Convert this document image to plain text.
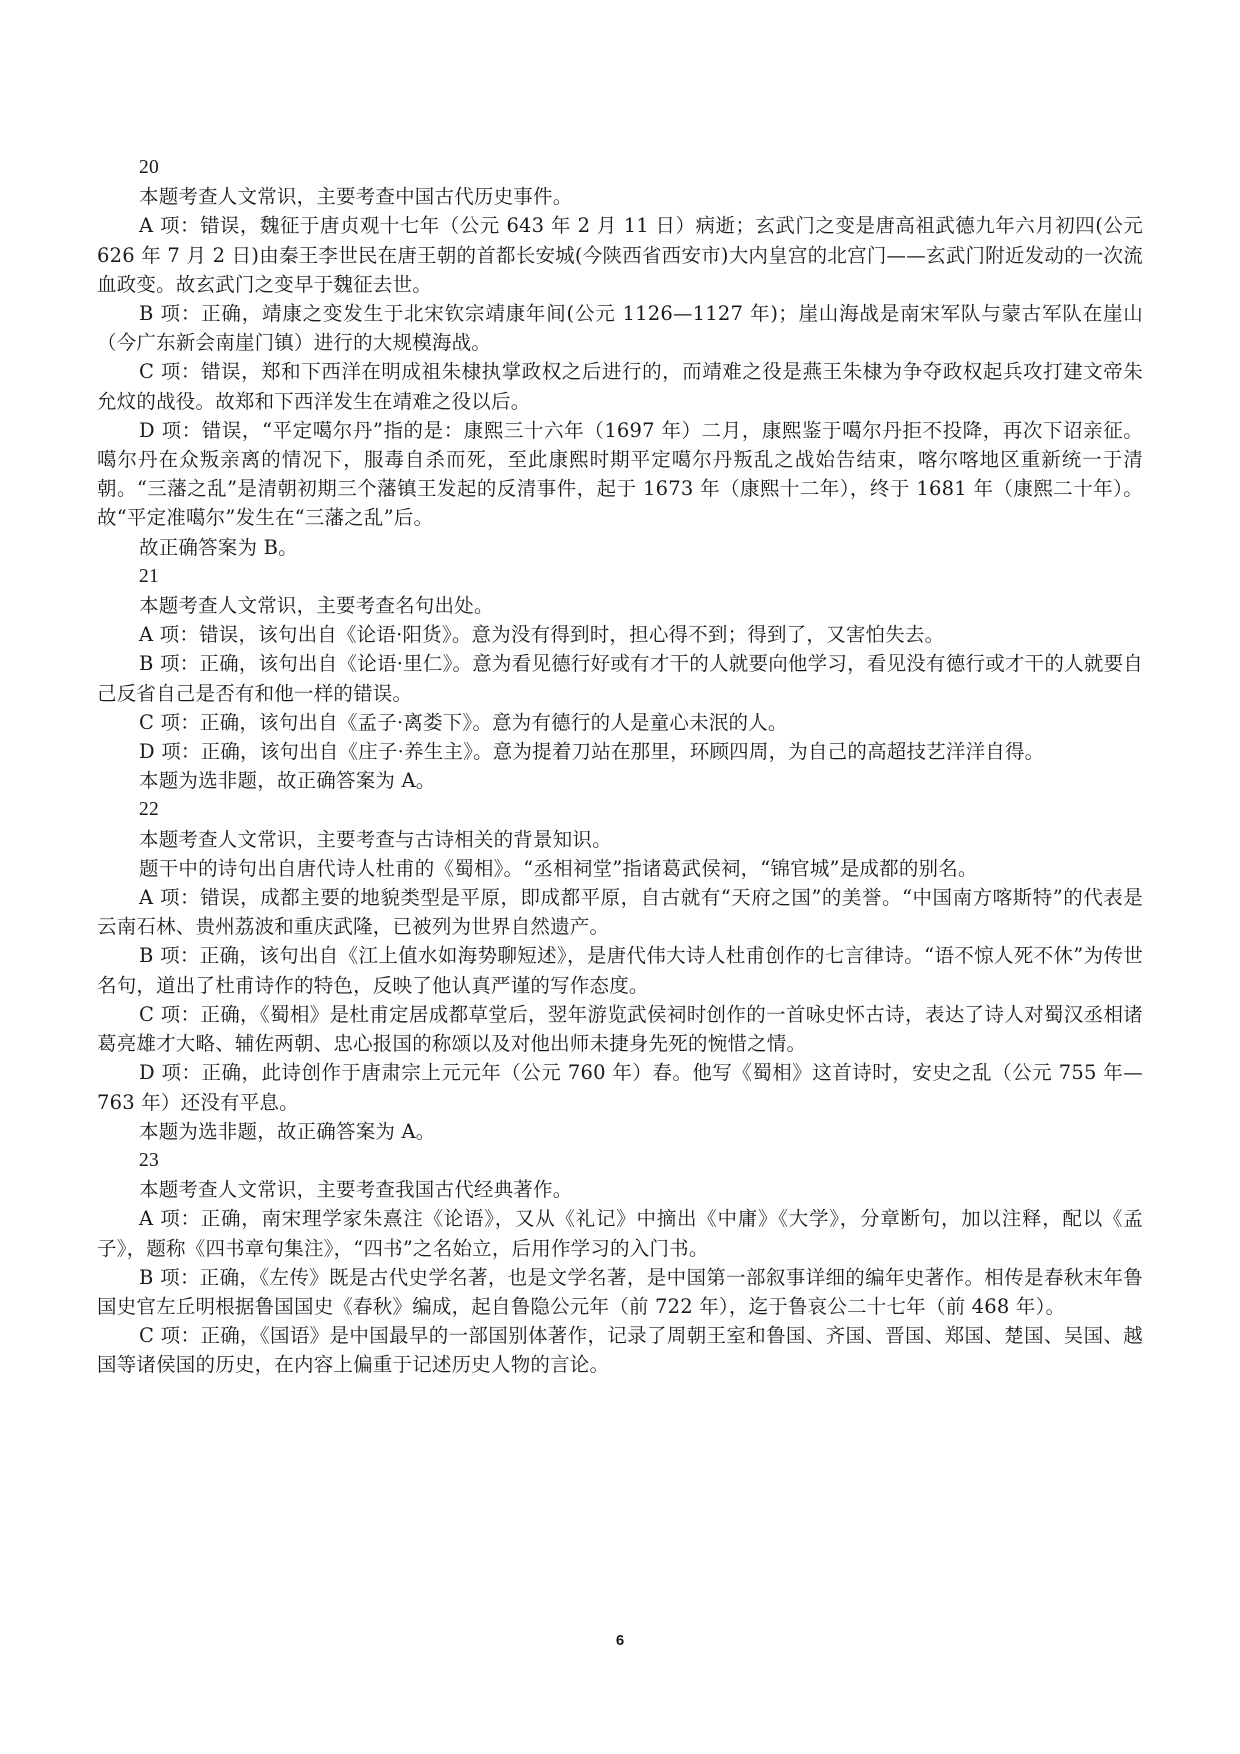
20

本题考查人文常识，主要考查中国古代历史事件。

A 项：错误，魏征于唐贞观十七年（公元 643 年 2 月 11 日）病逝；玄武门之变是唐高祖武德九年六月初四(公元 626 年 7 月 2 日)由秦王李世民在唐王朝的首都长安城(今陕西省西安市)大内皇宫的北宫门——玄武门附近发动的一次流血政变。故玄武门之变早于魏征去世。

B 项：正确，靖康之变发生于北宋钦宗靖康年间(公元 1126—1127 年)；崖山海战是南宋军队与蒙古军队在崖山（今广东新会南崖门镇）进行的大规模海战。

C 项：错误，郑和下西洋在明成祖朱棣执掌政权之后进行的，而靖难之役是燕王朱棣为争夺政权起兵攻打建文帝朱允炆的战役。故郑和下西洋发生在靖难之役以后。

D 项：错误，“平定噶尔丹”指的是：康熙三十六年（1697 年）二月，康熙鉴于噶尔丹拒不投降，再次下诏亲征。噶尔丹在众叛亲离的情况下，服毒自杀而死，至此康熙时期平定噶尔丹叛乱之战始告结束，喀尔喀地区重新统一于清朝。“三藩之乱”是清朝初期三个藩镇王发起的反清事件，起于 1673 年（康熙十二年），终于 1681 年（康熙二十年）。故“平定准噶尔”发生在“三藩之乱”后。

故正确答案为 B。

21

本题考查人文常识，主要考查名句出处。

A 项：错误，该句出自《论语·阳货》。意为没有得到时，担心得不到；得到了，又害怕失去。

B 项：正确，该句出自《论语·里仁》。意为看见德行好或有才干的人就要向他学习，看见没有德行或才干的人就要自己反省自己是否有和他一样的错误。

C 项：正确，该句出自《孟子·离娄下》。意为有德行的人是童心未泯的人。

D 项：正确，该句出自《庄子·养生主》。意为提着刀站在那里，环顾四周，为自己的高超技艺洋洋自得。

本题为选非题，故正确答案为 A。

22

本题考查人文常识，主要考查与古诗相关的背景知识。

题干中的诗句出自唐代诗人杜甫的《蜀相》。“丞相祠堂”指诸葛武侯祠，“锦官城”是成都的别名。

A 项：错误，成都主要的地貌类型是平原，即成都平原，自古就有“天府之国”的美誉。“中国南方喀斯特”的代表是云南石林、贵州荔波和重庆武隆，已被列为世界自然遗产。

B 项：正确，该句出自《江上值水如海势聊短述》，是唐代伟大诗人杜甫创作的七言律诗。“语不惊人死不休”为传世名句，道出了杜甫诗作的特色，反映了他认真严谨的写作态度。

C 项：正确，《蜀相》是杜甫定居成都草堂后，翌年游览武侯祠时创作的一首咏史怀古诗，表达了诗人对蜀汉丞相诸葛亮雄才大略、辅佐两朝、忠心报国的称颂以及对他出师未捷身先死的惋惜之情。

D 项：正确，此诗创作于唐肃宗上元元年（公元 760 年）春。他写《蜀相》这首诗时，安史之乱（公元 755 年—763 年）还没有平息。

本题为选非题，故正确答案为 A。

23

本题考查人文常识，主要考查我国古代经典著作。

A 项：正确，南宋理学家朱熹注《论语》，又从《礼记》中摘出《中庸》《大学》，分章断句，加以注释，配以《孟子》，题称《四书章句集注》，“四书”之名始立，后用作学习的入门书。

B 项：正确，《左传》既是古代史学名著，也是文学名著，是中国第一部叙事详细的编年史著作。相传是春秋末年鲁国史官左丘明根据鲁国国史《春秋》编成，起自鲁隐公元年（前 722 年），迄于鲁哀公二十七年（前 468 年）。

C 项：正确，《国语》是中国最早的一部国别体著作，记录了周朝王室和鲁国、齐国、晋国、郑国、楚国、吴国、越国等诸侯国的历史，在内容上偏重于记述历史人物的言论。

6
